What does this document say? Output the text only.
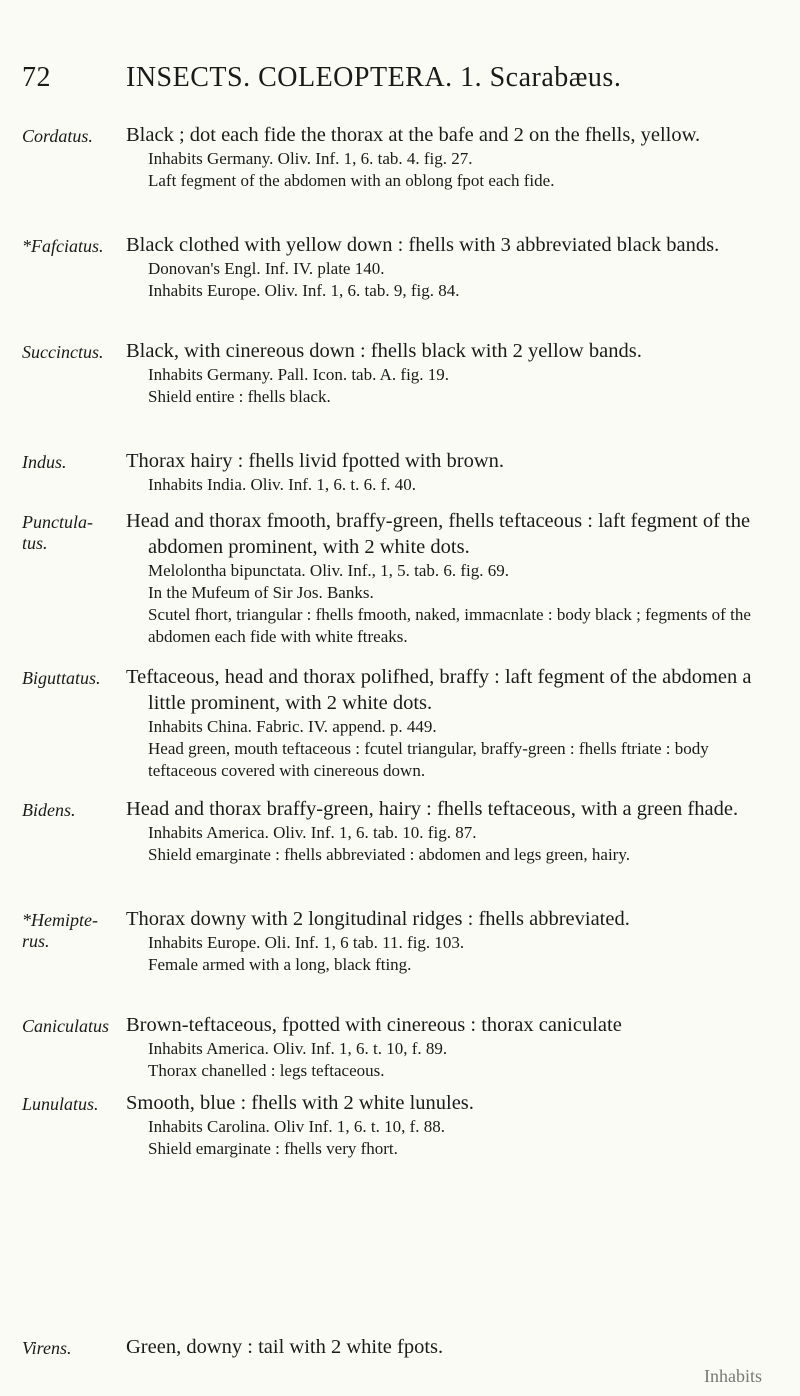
72	INSECTS. COLEOPTERA. 1. Scarabæus.
Cordatus. Black ; dot each fide the thorax at the bafe and 2 on the fhells, yellow.
Inhabits Germany. Oliv. Inf. 1, 6. tab. 4. fig. 27.
Laft fegment of the abdomen with an oblong fpot each fide.
*Fafciatus. Black clothed with yellow down : fhells with 3 abbreviated black bands.
Donovan's Engl. Inf. IV. plate 140.
Inhabits Europe. Oliv. Inf. 1, 6. tab. 9, fig. 84.
Succinctus. Black, with cinereous down : fhells black with 2 yellow bands.
Inhabits Germany. Pall. Icon. tab. A. fig. 19.
Shield entire : fhells black.
Indus.	Thorax hairy : fhells livid fpotted with brown.
Inhabits India. Oliv. Inf. 1, 6. t. 6. f. 40.
Punctula-
tus.
Head and thorax fmooth, braffy-green, fhells teftaceous : laft fegment of the abdomen prominent, with 2 white dots.
Melolontha bipunctata. Oliv. Inf., 1, 5. tab. 6. fig. 69.
In the Mufeum of Sir Jos. Banks.
Scutel fhort, triangular : fhells fmooth, naked, immacnlate : body black ; fegments of the abdomen each fide with white ftreaks.
Biguttatus. Teftaceous, head and thorax polifhed, braffy : laft fegment of the abdomen a little prominent, with 2 white dots.
Inhabits China. Fabric. IV. append. p. 449.
Head green, mouth teftaceous : fcutel triangular, braffy-green : fhells ftriate : body teftaceous covered with cinereous down.
Bidens. Head and thorax braffy-green, hairy : fhells teftaceous, with a green fhade.
Inhabits America. Oliv. Inf. 1, 6. tab. 10. fig. 87.
Shield emarginate : fhells abbreviated : abdomen and legs green, hairy.
*Hemipte-
rus.
Thorax downy with 2 longitudinal ridges : fhells abbreviated.
Inhabits Europe. Oli. Inf. 1, 6 tab. 11. fig. 103.
Female armed with a long, black fting.
Caniculatus Brown-teftaceous, fpotted with cinereous : thorax caniculate
Inhabits America. Oliv. Inf. 1, 6. t. 10, f. 89.
Thorax chanelled : legs teftaceous.
Lunulatus. Smooth, blue : fhells with 2 white lunules.
Inhabits Carolina. Oliv Inf. 1, 6. t. 10, f. 88.
Shield emarginate : fhells very fhort.
Virens.	Green, downy : tail with 2 white fpots.
Inhabits
